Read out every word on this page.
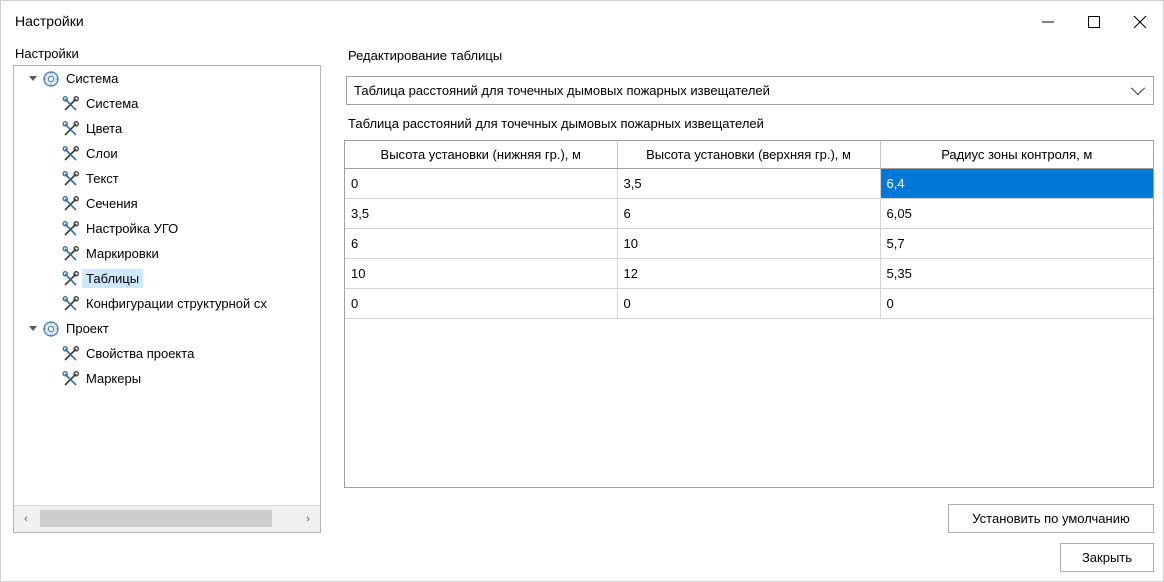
Настройки
Настройки
Система
Система
Цвета
Слои
Текст
Сечения
Настройка УГО
Маркировки
Таблицы
Конфигурации структурной сх
Проект
Свойства проекта
Маркеры
‹	›
Редактирование таблицы
Таблица расстояний для точечных дымовых пожарных извещателей
Таблица расстояний для точечных дымовых пожарных извещателей
Высота установки (нижняя гр.), м	Высота установки (верхняя гр.), м	Радиус зоны контроля, м
0	3,5	6,4
3,5	6	6,05
6	10	5,7
10	12	5,35
0	0	0
Установить по умолчанию
Закрыть
